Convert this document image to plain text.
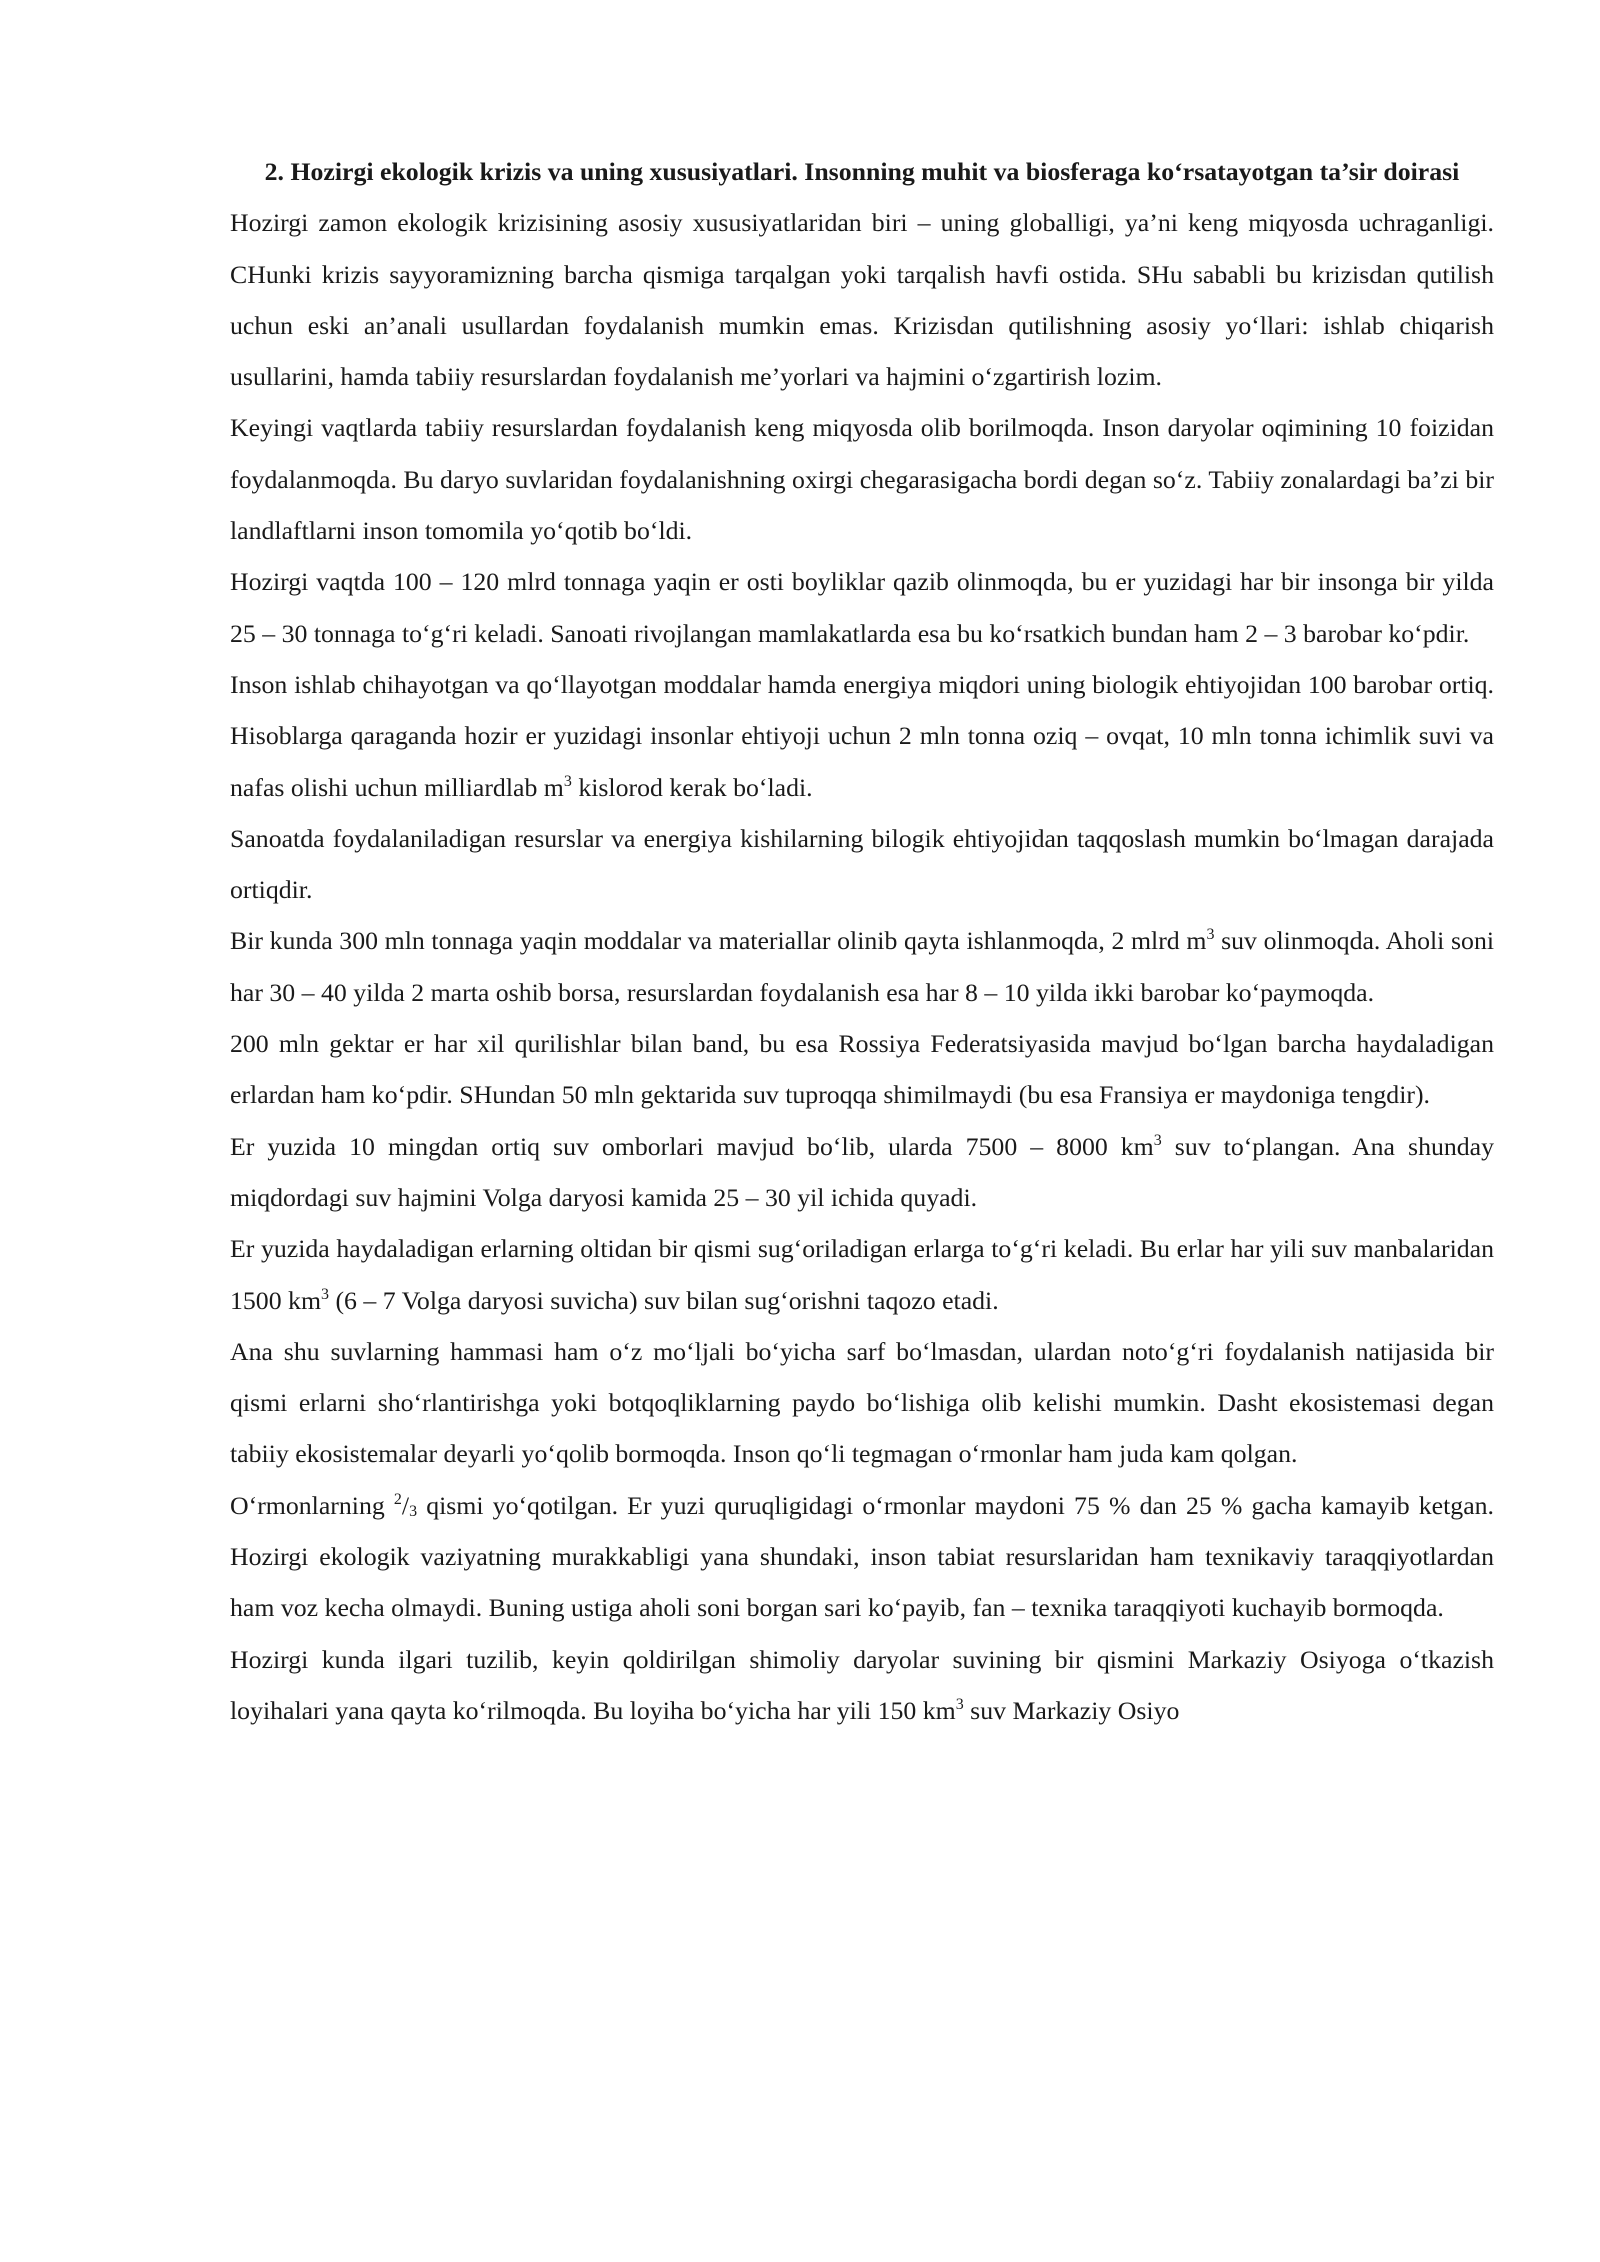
2. Hozirgi ekologik krizis va uning xususiyatlari. Insonning muhit va biosferaga ko‘rsatayotgan ta’sir doirasi

Hozirgi zamon ekologik krizisining asosiy xususiyatlaridan biri – uning globalligi, ya’ni keng miqyosda uchraganligi. CHunki krizis sayyoramizning barcha qismiga tarqalgan yoki tarqalish havfi ostida. SHu sababli bu krizisdan qutilish uchun eski an’anali usullardan foydalanish mumkin emas. Krizisdan qutilishning asosiy yo‘llari: ishlab chiqarish usullarini, hamda tabiiy resurslardan foydalanish me’yorlari va hajmini o‘zgartirish lozim.

Keyingi vaqtlarda tabiiy resurslardan foydalanish keng miqyosda olib borilmoqda. Inson daryolar oqimining 10 foizidan foydalanmoqda. Bu daryo suvlaridan foydalanishning oxirgi chegarasigacha bordi degan so‘z. Tabiiy zonalardagi ba’zi bir landlaftlarni inson tomomila yo‘qotib bo‘ldi.

Hozirgi vaqtda 100 – 120 mlrd tonnaga yaqin er osti boyliklar qazib olinmoqda, bu er yuzidagi har bir insonga bir yilda 25 – 30 tonnaga to‘g‘ri keladi. Sanoati rivojlangan mamlakatlarda esa bu ko‘rsatkich bundan ham 2 – 3 barobar ko‘pdir.

Inson ishlab chihayotgan va qo‘llayotgan moddalar hamda energiya miqdori uning biologik ehtiyojidan 100 barobar ortiq. Hisoblarga qaraganda hozir er yuzidagi insonlar ehtiyoji uchun 2 mln tonna oziq – ovqat, 10 mln tonna ichimlik suvi va nafas olishi uchun milliardlab $m^3$ kislorod kerak bo‘ladi.

Sanoatda foydalaniladigan resurslar va energiya kishilarning bilogik ehtiyojidan taqqoslash mumkin bo‘lmagan darajada ortiqdir.

Bir kunda 300 mln tonnaga yaqin moddalar va materiallar olinib qayta ishlanmoqda, 2 mlrd $m^3$ suv olinmoqda. Aholi soni har 30 – 40 yilda 2 marta oshib borsa, resurslardan foydalanish esa har 8 – 10 yilda ikki barobar ko‘paymoqda.

200 mln gektar er har xil qurilishlar bilan band, bu esa Rossiya Federatsiyasida mavjud bo‘lgan barcha haydaladigan erlardan ham ko‘pdir. SHundan 50 mln gektarida suv tuproqqa shimilmaydi (bu esa Fransiya er maydoniga tengdir).

Er yuzida 10 mingdan ortiq suv omborlari mavjud bo‘lib, ularda 7500 – 8000 $km^3$ suv to‘plangan. Ana shunday miqdordagi suv hajmini Volga daryosi kamida 25 – 30 yil ichida quyadi.

Er yuzida haydaladigan erlarning oltidan bir qismi sug‘oriladigan erlarga to‘g‘ri keladi. Bu erlar har yili suv manbalaridan 1500 $km^3$ (6 – 7 Volga daryosi suvicha) suv bilan sug‘orishni taqozo etadi.

Ana shu suvlarning hammasi ham o‘z mo‘ljali bo‘yicha sarf bo‘lmasdan, ulardan noto‘g‘ri foydalanish natijasida bir qismi erlarni sho‘rlantirishga yoki botqoqliklarning paydo bo‘lishiga olib kelishi mumkin. Dasht ekosistemasi degan tabiiy ekosistemalar deyarli yo‘qolib bormoqda. Inson qo‘li tegmagan o‘rmonlar ham juda kam qolgan.

O‘rmonlarning $^2/_3$ qismi yo‘qotilgan. Er yuzi quruqligidagi o‘rmonlar maydoni 75 % dan 25 % gacha kamayib ketgan. Hozirgi ekologik vaziyatning murakkabligi yana shundaki, inson tabiat resurslaridan ham texnikaviy taraqqiyotlardan ham voz kecha olmaydi. Buning ustiga aholi soni borgan sari ko‘payib, fan – texnika taraqqiyoti kuchayib bormoqda.

Hozirgi kunda ilgari tuzilib, keyin qoldirilgan shimoliy daryolar suvining bir qismini Markaziy Osiyoga o‘tkazish loyihalari yana qayta ko‘rilmoqda. Bu loyiha bo‘yicha har yili 150 $km^3$ suv Markaziy Osiyo
